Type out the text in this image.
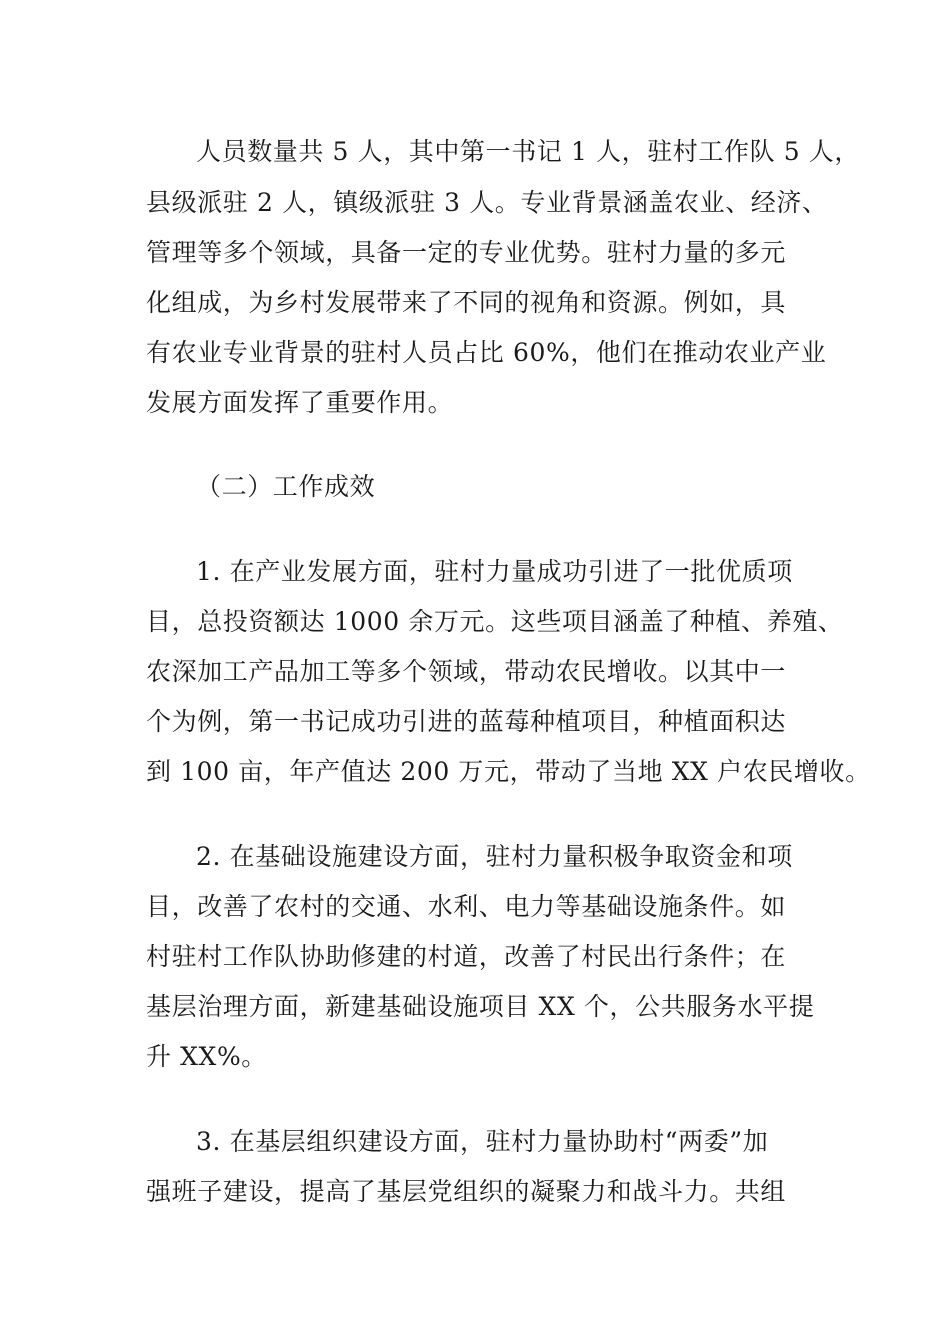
人员数量共 5 人，其中第一书记 1 人，驻村工作队 5 人，
县级派驻 2 人，镇级派驻 3 人。专业背景涵盖农业、经济、
管理等多个领域，具备一定的专业优势。驻村力量的多元
化组成，为乡村发展带来了不同的视角和资源。例如，具
有农业专业背景的驻村人员占比 60%，他们在推动农业产业
发展方面发挥了重要作用。
（二）工作成效
1. 在产业发展方面，驻村力量成功引进了一批优质项
目，总投资额达 1000 余万元。这些项目涵盖了种植、养殖、
农深加工产品加工等多个领域，带动农民增收。以其中一
个为例，第一书记成功引进的蓝莓种植项目，种植面积达
到 100 亩，年产值达 200 万元，带动了当地 XX 户农民增收。
2. 在基础设施建设方面，驻村力量积极争取资金和项
目，改善了农村的交通、水利、电力等基础设施条件。如
村驻村工作队协助修建的村道，改善了村民出行条件；在
基层治理方面，新建基础设施项目 XX 个，公共服务水平提
升 XX%。
3. 在基层组织建设方面，驻村力量协助村“两委”加
强班子建设，提高了基层党组织的凝聚力和战斗力。共组
